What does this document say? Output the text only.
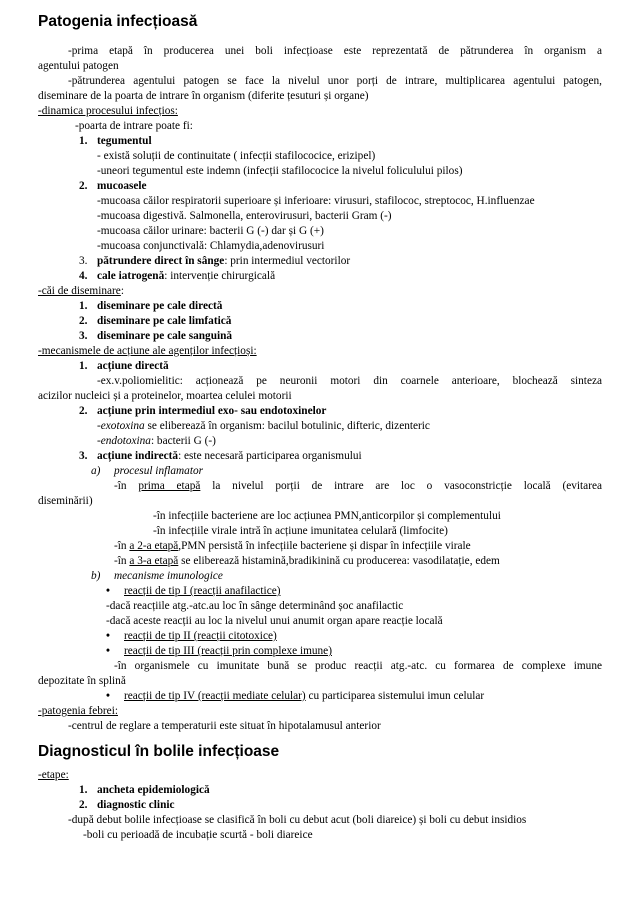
Patogenia infecțioasă
-prima etapă în producerea unei boli infecțioase este reprezentată de pătrunderea în organism a
agentului patogen
-pătrunderea agentului patogen se face la nivelul unor porți de intrare, multiplicarea agentului patogen,
diseminare de la poarta de intrare în organism (diferite țesuturi și organe)
-dinamica procesului infecțios:
-poarta de intrare poate fi:
1. tegumentul
- există soluții de continuitate ( infecții stafilococice, erizipel)
-uneori tegumentul este indemn (infecții stafilococice la nivelul foliculului pilos)
2. mucoasele
-mucoasa căilor respiratorii superioare și inferioare: virusuri, stafilococ, streptococ, H.influenzae
-mucoasa digestivă. Salmonella, enterovirusuri, bacterii Gram (-)
-mucoasa căilor urinare: bacterii G (-) dar și G (+)
-mucoasa conjunctivală: Chlamydia,adenovirusuri
3. pătrundere direct în sânge: prin intermediul vectorilor
4. cale iatrogenă: intervenție chirurgicală
-căi de diseminare:
1. diseminare pe cale directă
2. diseminare pe cale limfatică
3. diseminare pe cale sanguină
-mecanismele de acțiune ale agenților infecțioși:
1. acțiune directă
-ex.v.poliomielitic: acționează pe neuronii motori din coarnele anterioare, blochează sinteza
acizilor nucleici și a proteinelor, moartea celulei motorii
2. acțiune prin intermediul exo- sau endotoxinelor
-exotoxina se eliberează în organism: bacilul botulinic, difteric, dizenteric
-endotoxina: bacterii G (-)
3. acțiune indirectă: este necesară participarea organismului
a) procesul inflamator
-în prima etapă la nivelul porții de intrare are loc o vasoconstricție locală (evitarea
diseminării)
-în infecțiile bacteriene are loc acțiunea PMN,anticorpilor și complementului
-în infecțiile virale intră în acțiune imunitatea celulară (limfocite)
-în a 2-a etapă,PMN persistă în infecțiile bacteriene și dispar în infecțiile virale
-în a 3-a etapă se eliberează histamină,bradikinină cu producerea: vasodilatație, edem
b) mecanisme imunologice
• reacții de tip I (reacții anafilactice)
-dacă reacțiile atg.-atc.au loc în sânge determinând șoc anafilactic
-dacă aceste reacții au loc la nivelul unui anumit organ apare reacție locală
• reacții de tip II (reacții citotoxice)
• reacții de tip III (reacții prin complexe imune)
-în organismele cu imunitate bună se produc reacții atg.-atc. cu formarea de complexe imune
depozitate în splină
• reacții de tip IV (reacții mediate celular) cu participarea sistemului imun celular
-patogenia febrei:
-centrul de reglare a temperaturii este situat în hipotalamusul anterior
Diagnosticul în bolile infecțioase
-etape:
1. ancheta epidemiologică
2. diagnostic clinic
-după debut bolile infecțioase se clasifică în boli cu debut acut (boli diareice) și boli cu debut insidios
-boli cu perioadă de incubație scurtă - boli diareice
